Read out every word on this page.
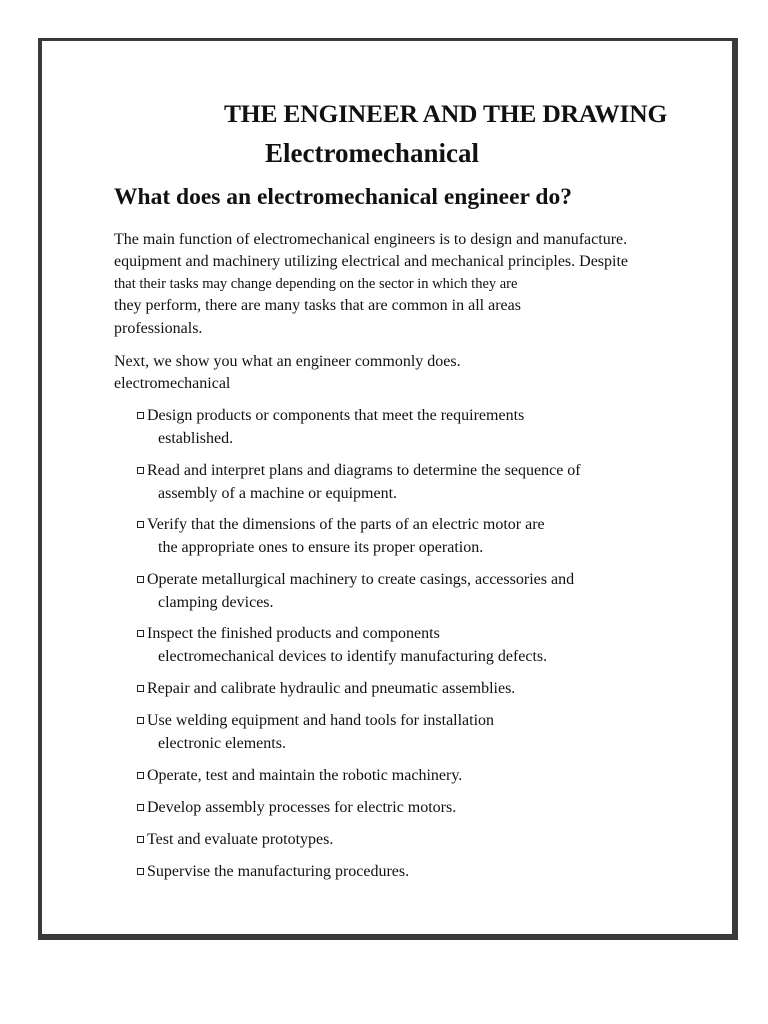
THE ENGINEER AND THE DRAWING
Electromechanical
What does an electromechanical engineer do?
The main function of electromechanical engineers is to design and manufacture.
equipment and machinery utilizing electrical and mechanical principles. Despite
that their tasks may change depending on the sector in which they are
they perform, there are many tasks that are common in all areas
professionals.
Next, we show you what an engineer commonly does.
electromechanical
Design products or components that meet the requirements
established.
Read and interpret plans and diagrams to determine the sequence of
assembly of a machine or equipment.
Verify that the dimensions of the parts of an electric motor are
the appropriate ones to ensure its proper operation.
Operate metallurgical machinery to create casings, accessories and
clamping devices.
Inspect the finished products and components
electromechanical devices to identify manufacturing defects.
Repair and calibrate hydraulic and pneumatic assemblies.
Use welding equipment and hand tools for installation
electronic elements.
Operate, test and maintain the robotic machinery.
Develop assembly processes for electric motors.
Test and evaluate prototypes.
Supervise the manufacturing procedures.
